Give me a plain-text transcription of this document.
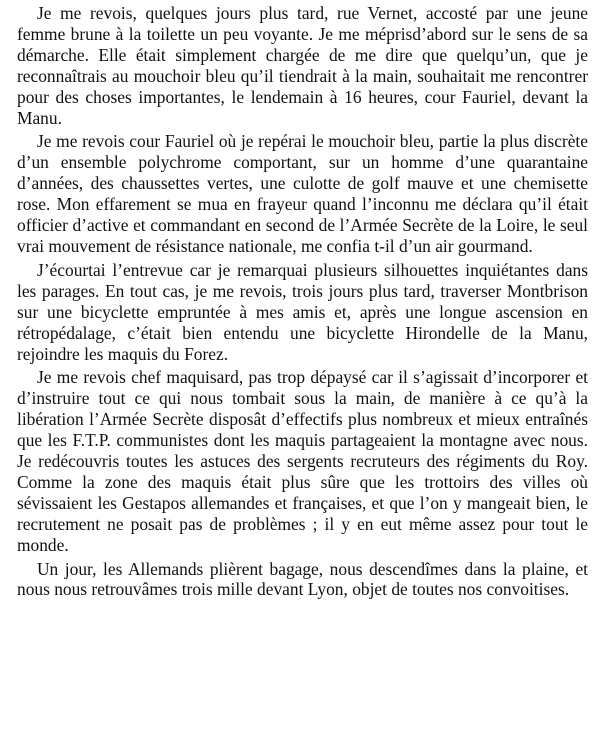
Je me revois, quelques jours plus tard, rue Vernet, accosté par une jeune femme brune à la toilette un peu voyante. Je me méprisd’abord sur le sens de sa démarche. Elle était simplement chargée de me dire que quelqu’un, que je reconnaîtrais au mouchoir bleu qu’il tiendrait à la main, souhaitait me rencontrer pour des choses importantes, le lendemain à 16 heures, cour Fauriel, devant la Manu.

Je me revois cour Fauriel où je repérai le mouchoir bleu, partie la plus discrète d’un ensemble polychrome comportant, sur un homme d’une quarantaine d’années, des chaussettes vertes, une culotte de golf mauve et une chemisette rose. Mon effarement se mua en frayeur quand l’inconnu me déclara qu’il était officier d’active et commandant en second de l’Armée Secrète de la Loire, le seul vrai mouvement de résistance nationale, me confia t-il d’un air gourmand.

J’écourtai l’entrevue car je remarquai plusieurs silhouettes inquiétantes dans les parages. En tout cas, je me revois, trois jours plus tard, traverser Montbrison sur une bicyclette empruntée à mes amis et, après une longue ascension en rétropédalage, c’était bien entendu une bicyclette Hirondelle de la Manu, rejoindre les maquis du Forez.

Je me revois chef maquisard, pas trop dépaysé car il s’agissait d’incorporer et d’instruire tout ce qui nous tombait sous la main, de manière à ce qu’à la libération l’Armée Secrète disposât d’effectifs plus nombreux et mieux entraînés que les F.T.P. communistes dont les maquis partageaient la montagne avec nous. Je redécouvris toutes les astuces des sergents recruteurs des régiments du Roy. Comme la zone des maquis était plus sûre que les trottoirs des villes où sévissaient les Gestapos allemandes et françaises, et que l’on y mangeait bien, le recrutement ne posait pas de problèmes ; il y en eut même assez pour tout le monde.

Un jour, les Allemands plièrent bagage, nous descendîmes dans la plaine, et nous nous retrouvâmes trois mille devant Lyon, objet de toutes nos convoitises.
